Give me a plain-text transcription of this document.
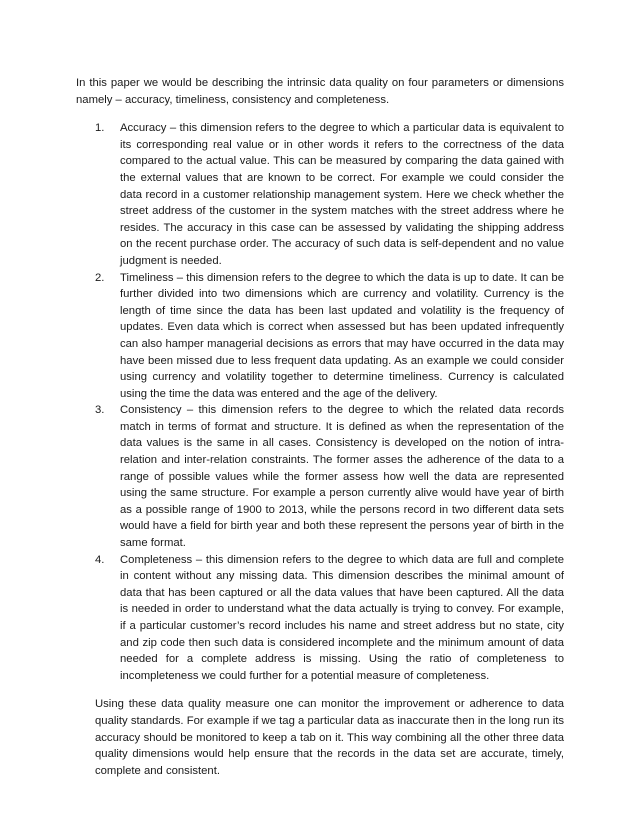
In this paper we would be describing the intrinsic data quality on four parameters or dimensions namely – accuracy, timeliness, consistency and completeness.

1. Accuracy – this dimension refers to the degree to which a particular data is equivalent to its corresponding real value or in other words it refers to the correctness of the data compared to the actual value. This can be measured by comparing the data gained with the external values that are known to be correct. For example we could consider the data record in a customer relationship management system. Here we check whether the street address of the customer in the system matches with the street address where he resides. The accuracy in this case can be assessed by validating the shipping address on the recent purchase order. The accuracy of such data is self-dependent and no value judgment is needed.
2. Timeliness – this dimension refers to the degree to which the data is up to date. It can be further divided into two dimensions which are currency and volatility. Currency is the length of time since the data has been last updated and volatility is the frequency of updates. Even data which is correct when assessed but has been updated infrequently can also hamper managerial decisions as errors that may have occurred in the data may have been missed due to less frequent data updating. As an example we could consider using currency and volatility together to determine timeliness. Currency is calculated using the time the data was entered and the age of the delivery.
3. Consistency – this dimension refers to the degree to which the related data records match in terms of format and structure. It is defined as when the representation of the data values is the same in all cases. Consistency is developed on the notion of intra-relation and inter-relation constraints. The former asses the adherence of the data to a range of possible values while the former assess how well the data are represented using the same structure. For example a person currently alive would have year of birth as a possible range of 1900 to 2013, while the persons record in two different data sets would have a field for birth year and both these represent the persons year of birth in the same format.
4. Completeness – this dimension refers to the degree to which data are full and complete in content without any missing data. This dimension describes the minimal amount of data that has been captured or all the data values that have been captured. All the data is needed in order to understand what the data actually is trying to convey. For example, if a particular customer’s record includes his name and street address but no state, city and zip code then such data is considered incomplete and the minimum amount of data needed for a complete address is missing. Using the ratio of completeness to incompleteness we could further for a potential measure of completeness.

Using these data quality measure one can monitor the improvement or adherence to data quality standards. For example if we tag a particular data as inaccurate then in the long run its accuracy should be monitored to keep a tab on it. This way combining all the other three data quality dimensions would help ensure that the records in the data set are accurate, timely, complete and consistent.
